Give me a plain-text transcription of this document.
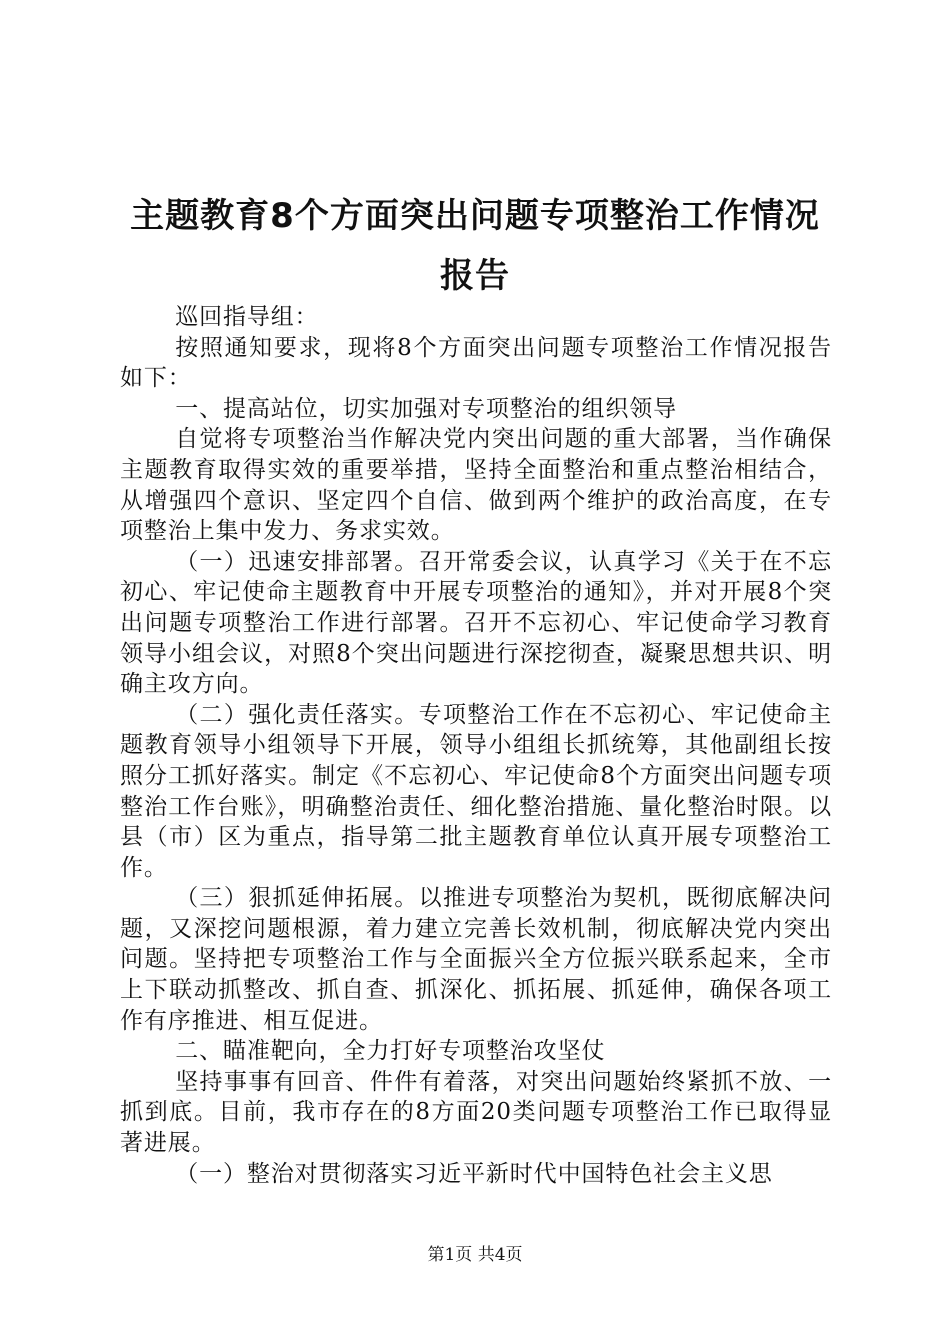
主题教育8个方面突出问题专项整治工作情况
报告

巡回指导组：

按照通知要求，现将8个方面突出问题专项整治工作情况报告如下：

一、提高站位，切实加强对专项整治的组织领导

自觉将专项整治当作解决党内突出问题的重大部署，当作确保主题教育取得实效的重要举措，坚持全面整治和重点整治相结合，从增强四个意识、坚定四个自信、做到两个维护的政治高度，在专项整治上集中发力、务求实效。

（一）迅速安排部署。召开常委会议，认真学习《关于在不忘初心、牢记使命主题教育中开展专项整治的通知》，并对开展8个突出问题专项整治工作进行部署。召开不忘初心、牢记使命学习教育领导小组会议，对照8个突出问题进行深挖彻查，凝聚思想共识、明确主攻方向。

（二）强化责任落实。专项整治工作在不忘初心、牢记使命主题教育领导小组领导下开展，领导小组组长抓统筹，其他副组长按照分工抓好落实。制定《不忘初心、牢记使命8个方面突出问题专项整治工作台账》，明确整治责任、细化整治措施、量化整治时限。以县（市）区为重点，指导第二批主题教育单位认真开展专项整治工作。

（三）狠抓延伸拓展。以推进专项整治为契机，既彻底解决问题，又深挖问题根源，着力建立完善长效机制，彻底解决党内突出问题。坚持把专项整治工作与全面振兴全方位振兴联系起来，全市上下联动抓整改、抓自查、抓深化、抓拓展、抓延伸，确保各项工作有序推进、相互促进。

二、瞄准靶向，全力打好专项整治攻坚仗

坚持事事有回音、件件有着落，对突出问题始终紧抓不放、一抓到底。目前，我市存在的8方面20类问题专项整治工作已取得显著进展。

（一）整治对贯彻落实习近平新时代中国特色社会主义思

第1页 共4页
